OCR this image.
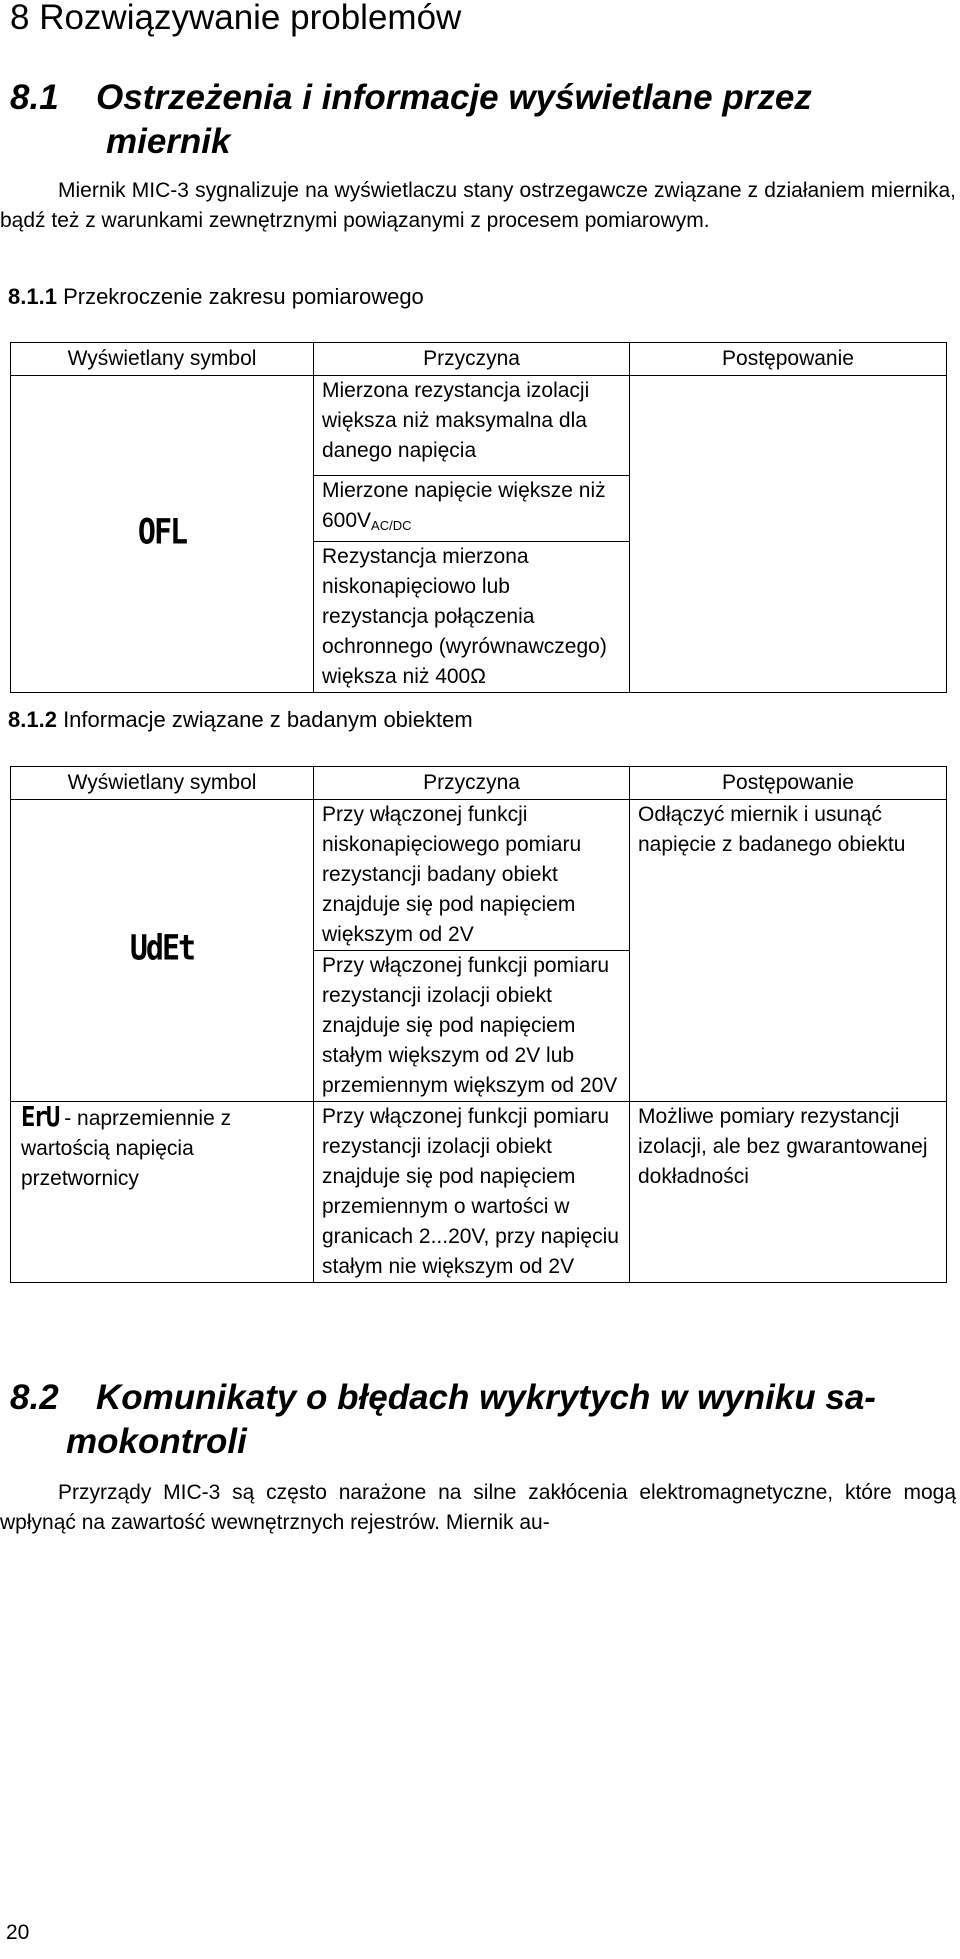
8 Rozwiązywanie problemów
8.1 Ostrzeżenia i informacje wyświetlane przez
miernik

Miernik MIC-3 sygnalizuje na wyświetlaczu stany ostrzegawcze związane z działaniem miernika, bądź też z warunkami zewnętrznymi powiązanymi z procesem pomiarowym.

8.1.1 Przekroczenie zakresu pomiarowego
Wyświetlany symbol	Przyczyna	Postępowanie
OFL	Mierzona rezystancja izolacji większa niż maksymalna dla danego napięcia	
	Mierzone napięcie większe niż $600V_{AC/DC}$
	Rezystancja mierzona niskonapięciowo lub rezystancja połączenia ochronnego (wyrównawczego) większa niż 400Ω	
8.1.2 Informacje związane z badanym obiektem
Wyświetlany symbol	Przyczyna	Postępowanie
UdEt	Przy włączonej funkcji niskonapięciowego pomiaru rezystancji badany obiekt znajduje się pod napięciem większym od 2V	Odłączyć miernik i usunąć napięcie z badanego obiektu
	Przy włączonej funkcji pomiaru rezystancji izolacji obiekt znajduje się pod napięciem stałym większym od 2V lub przemiennym większym od 20V	
ErU - naprzemiennie z wartością napięcia przetwornicy	Przy włączonej funkcji pomiaru rezystancji izolacji obiekt znajduje się pod napięciem przemiennym o wartości w granicach 2...20V, przy napięciu stałym nie większym od 2V	Możliwe pomiary rezystancji izolacji, ale bez gwarantowanej dokładności
8.2 Komunikaty o błędach wykrytych w wyniku sa-
mokontroli

Przyrządy MIC-3 są często narażone na silne zakłócenia elektromagnetyczne, które mogą wpłynąć na zawartość wewnętrznych rejestrów. Miernik au-

20
